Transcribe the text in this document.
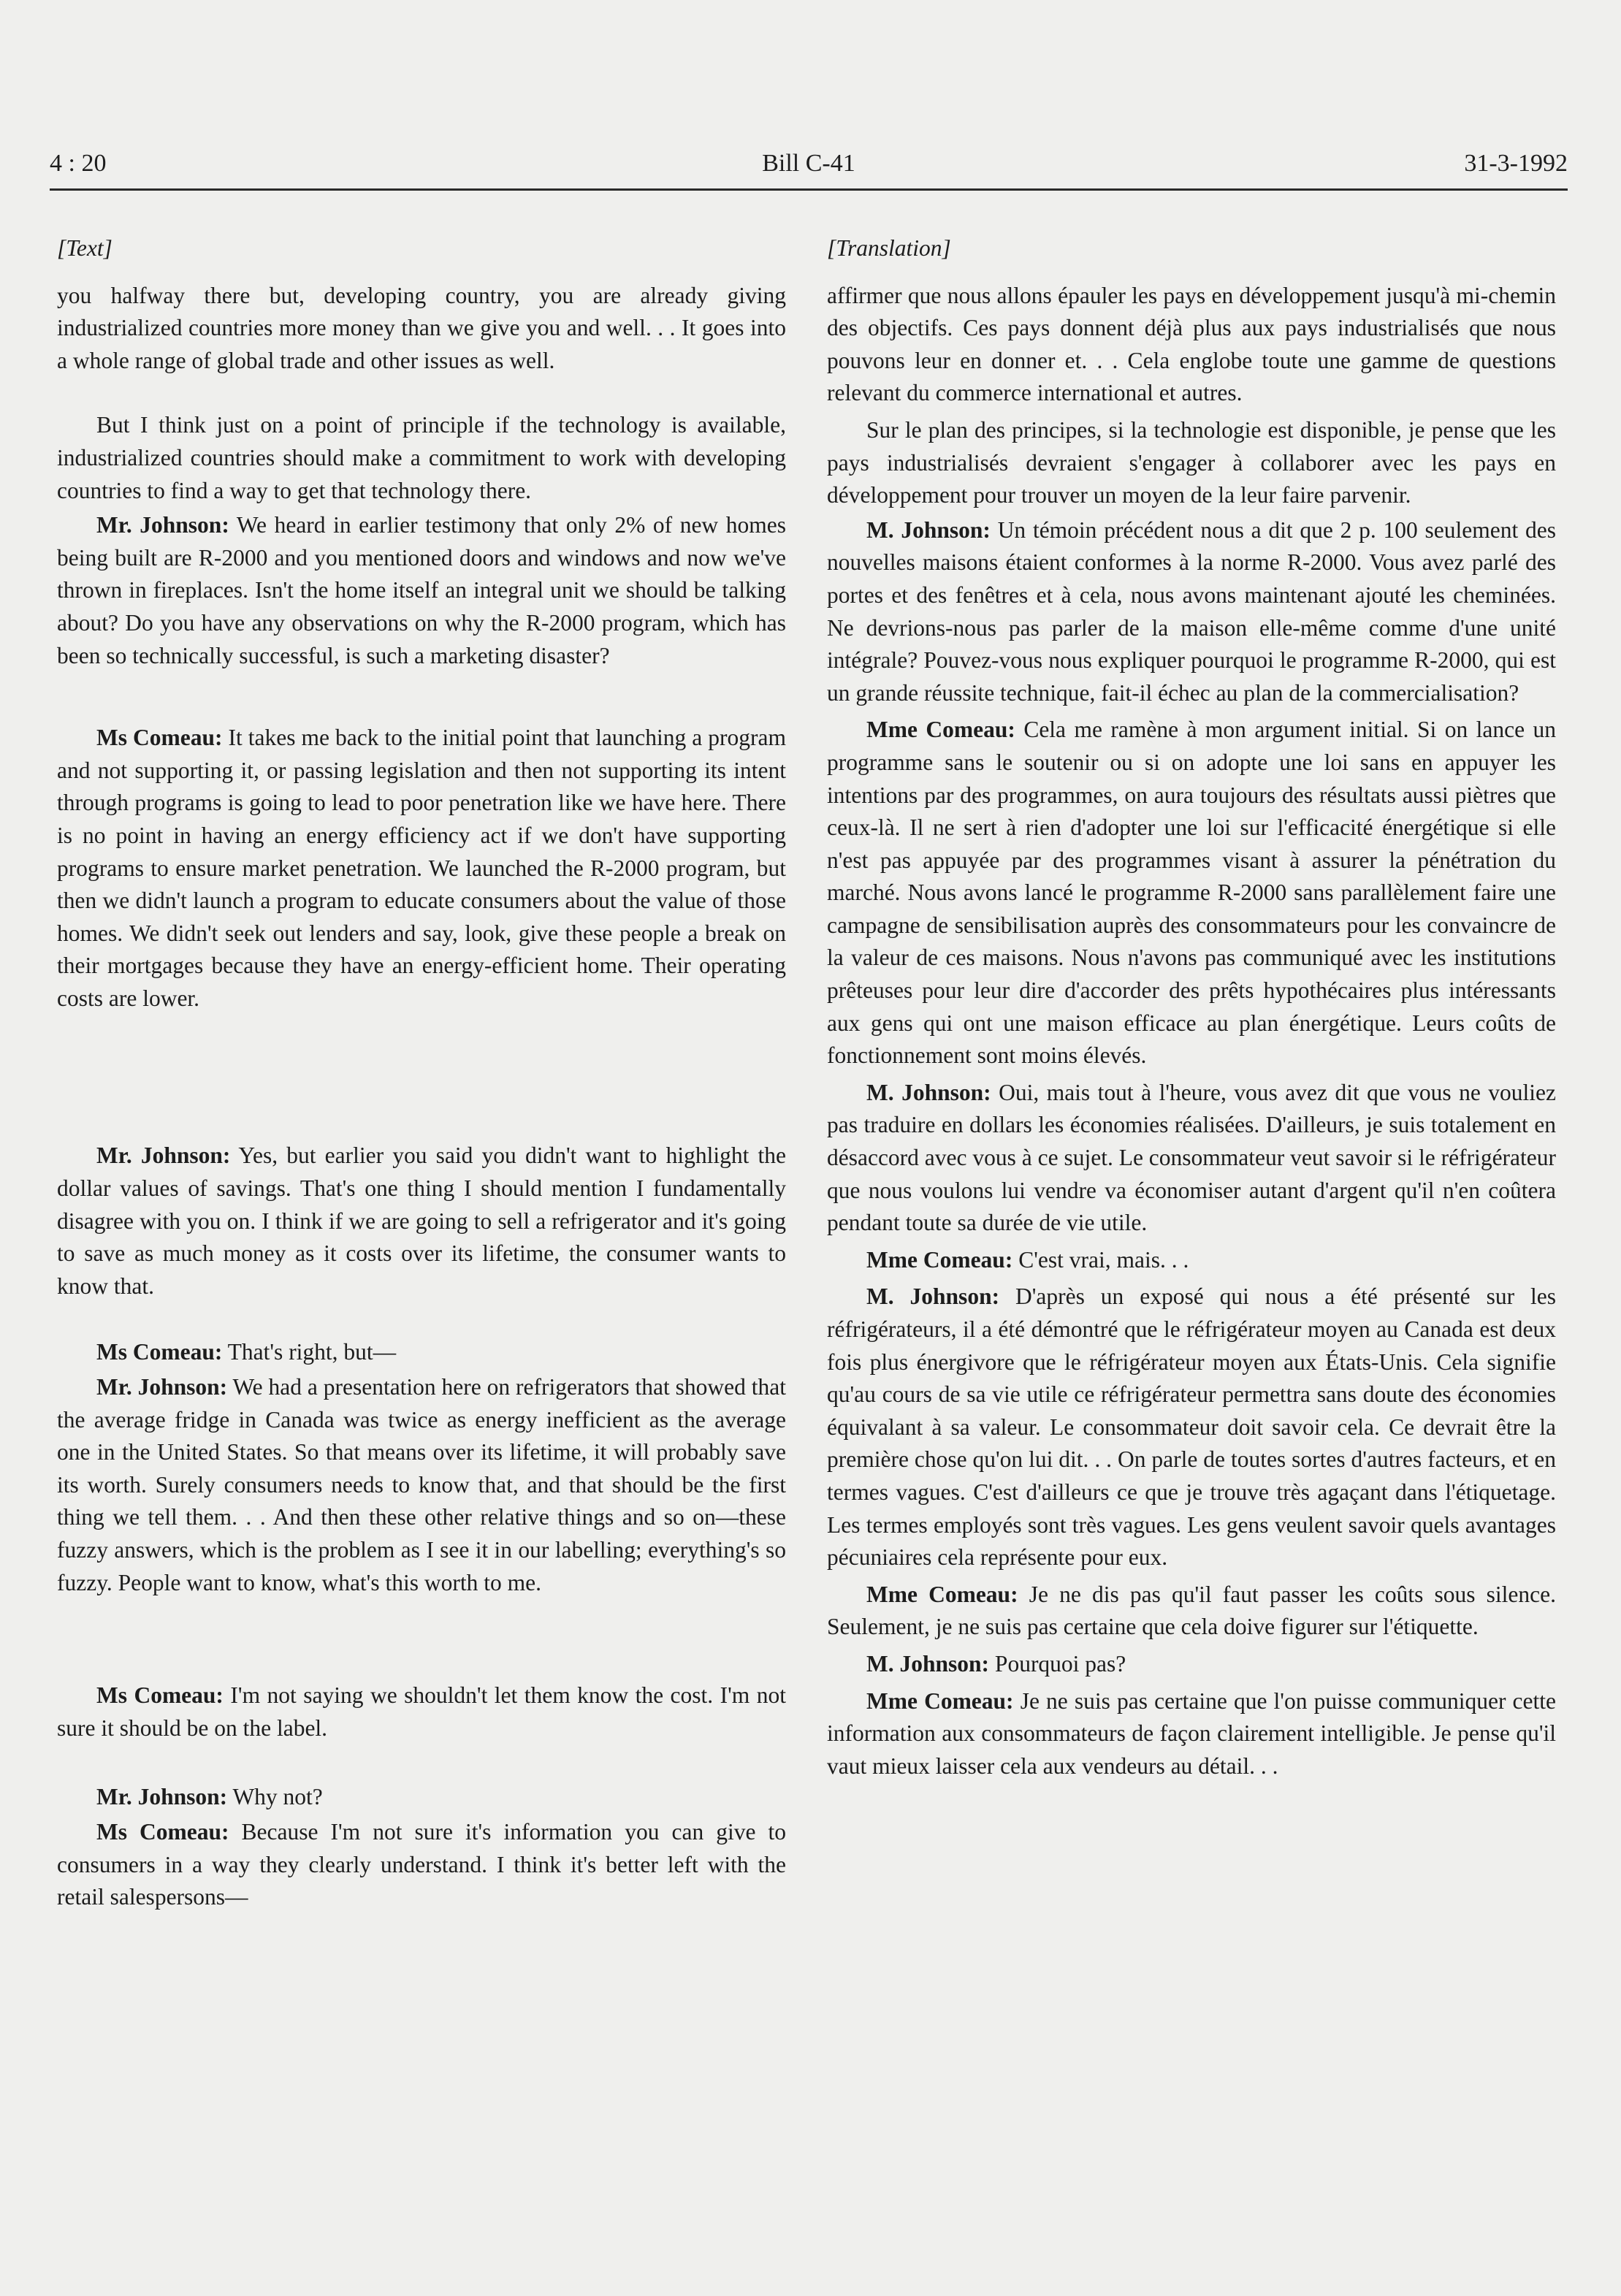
4 : 20	Bill C-41	31-3-1992

[Text]

you halfway there but, developing country, you are already giving industrialized countries more money than we give you and well. . . It goes into a whole range of global trade and other issues as well.

But I think just on a point of principle if the technology is available, industrialized countries should make a commitment to work with developing countries to find a way to get that technology there.

Mr. Johnson: We heard in earlier testimony that only 2% of new homes being built are R-2000 and you mentioned doors and windows and now we've thrown in fireplaces. Isn't the home itself an integral unit we should be talking about? Do you have any observations on why the R-2000 program, which has been so technically successful, is such a marketing disaster?

Ms Comeau: It takes me back to the initial point that launching a program and not supporting it, or passing legislation and then not supporting its intent through programs is going to lead to poor penetration like we have here. There is no point in having an energy efficiency act if we don't have supporting programs to ensure market penetration. We launched the R-2000 program, but then we didn't launch a program to educate consumers about the value of those homes. We didn't seek out lenders and say, look, give these people a break on their mortgages because they have an energy-efficient home. Their operating costs are lower.

Mr. Johnson: Yes, but earlier you said you didn't want to highlight the dollar values of savings. That's one thing I should mention I fundamentally disagree with you on. I think if we are going to sell a refrigerator and it's going to save as much money as it costs over its lifetime, the consumer wants to know that.

Ms Comeau: That's right, but—

Mr. Johnson: We had a presentation here on refrigerators that showed that the average fridge in Canada was twice as energy inefficient as the average one in the United States. So that means over its lifetime, it will probably save its worth. Surely consumers needs to know that, and that should be the first thing we tell them. . . And then these other relative things and so on—these fuzzy answers, which is the problem as I see it in our labelling; everything's so fuzzy. People want to know, what's this worth to me.

Ms Comeau: I'm not saying we shouldn't let them know the cost. I'm not sure it should be on the label.

Mr. Johnson: Why not?

Ms Comeau: Because I'm not sure it's information you can give to consumers in a way they clearly understand. I think it's better left with the retail salespersons—

[Translation]

affirmer que nous allons épauler les pays en développement jusqu'à mi-chemin des objectifs. Ces pays donnent déjà plus aux pays industrialisés que nous pouvons leur en donner et. . . Cela englobe toute une gamme de questions relevant du commerce international et autres.

Sur le plan des principes, si la technologie est disponible, je pense que les pays industrialisés devraient s'engager à collaborer avec les pays en développement pour trouver un moyen de la leur faire parvenir.

M. Johnson: Un témoin précédent nous a dit que 2 p. 100 seulement des nouvelles maisons étaient conformes à la norme R-2000. Vous avez parlé des portes et des fenêtres et à cela, nous avons maintenant ajouté les cheminées. Ne devrions-nous pas parler de la maison elle-même comme d'une unité intégrale? Pouvez-vous nous expliquer pourquoi le programme R-2000, qui est un grande réussite technique, fait-il échec au plan de la commercialisation?

Mme Comeau: Cela me ramène à mon argument initial. Si on lance un programme sans le soutenir ou si on adopte une loi sans en appuyer les intentions par des programmes, on aura toujours des résultats aussi piètres que ceux-là. Il ne sert à rien d'adopter une loi sur l'efficacité énergétique si elle n'est pas appuyée par des programmes visant à assurer la pénétration du marché. Nous avons lancé le programme R-2000 sans parallèlement faire une campagne de sensibilisation auprès des consommateurs pour les convaincre de la valeur de ces maisons. Nous n'avons pas communiqué avec les institutions prêteuses pour leur dire d'accorder des prêts hypothécaires plus intéressants aux gens qui ont une maison efficace au plan énergétique. Leurs coûts de fonctionnement sont moins élevés.

M. Johnson: Oui, mais tout à l'heure, vous avez dit que vous ne vouliez pas traduire en dollars les économies réalisées. D'ailleurs, je suis totalement en désaccord avec vous à ce sujet. Le consommateur veut savoir si le réfrigérateur que nous voulons lui vendre va économiser autant d'argent qu'il n'en coûtera pendant toute sa durée de vie utile.

Mme Comeau: C'est vrai, mais. . .

M. Johnson: D'après un exposé qui nous a été présenté sur les réfrigérateurs, il a été démontré que le réfrigérateur moyen au Canada est deux fois plus énergivore que le réfrigérateur moyen aux États-Unis. Cela signifie qu'au cours de sa vie utile ce réfrigérateur permettra sans doute des économies équivalant à sa valeur. Le consommateur doit savoir cela. Ce devrait être la première chose qu'on lui dit. . . On parle de toutes sortes d'autres facteurs, et en termes vagues. C'est d'ailleurs ce que je trouve très agaçant dans l'étiquetage. Les termes employés sont très vagues. Les gens veulent savoir quels avantages pécuniaires cela représente pour eux.

Mme Comeau: Je ne dis pas qu'il faut passer les coûts sous silence. Seulement, je ne suis pas certaine que cela doive figurer sur l'étiquette.

M. Johnson: Pourquoi pas?

Mme Comeau: Je ne suis pas certaine que l'on puisse communiquer cette information aux consommateurs de façon clairement intelligible. Je pense qu'il vaut mieux laisser cela aux vendeurs au détail. . .
